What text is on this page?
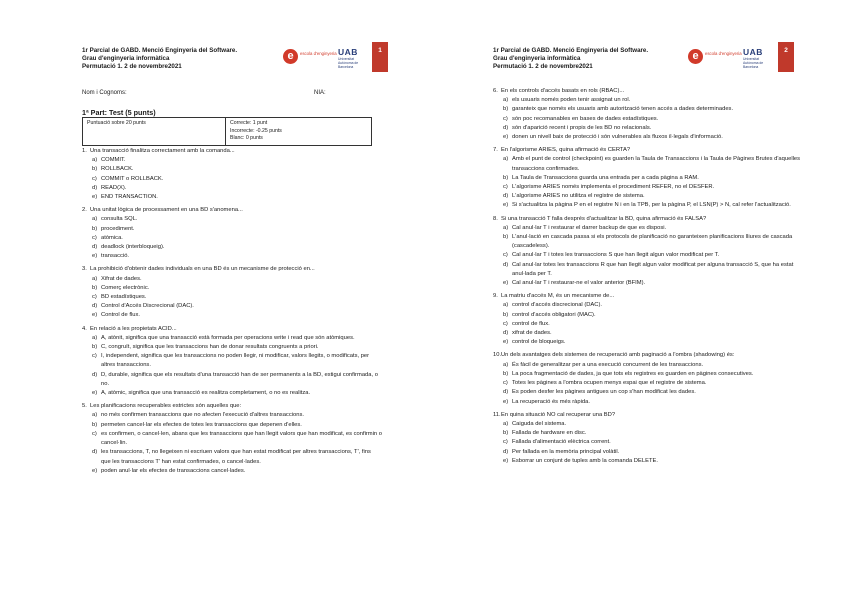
1r Parcial de GABD. Menció Enginyeria del Software.
Grau d'enginyeria informàtica
Permutació 1. 2 de novembre2021
e	escola d'enginyeria UAB
Universitat Autònoma de Barcelona
1
Nom i Cognoms:	NIA:
1ª Part: Test (5 punts)
Puntuació sobre 20 punts	Correcte: 1 punt
Incorrecte: -0.25 punts
Blanc: 0 punts
1. Una transacció finalitza correctament amb la comanda...
a) COMMIT.
b) ROLLBACK.
c) COMMIT o ROLLBACK.
d) READ(X).
e) END TRANSACTION.
2. Una unitat lògica de processament en una BD s'anomena...
a) consulta SQL.
b) procediment.
c) atòmica.
d) deadlock (interbloqueig).
e) transacció.
3. La prohibició d'obtenir dades individuals en una BD és un mecanisme de protecció en...
a) Xifrat de dades.
b) Comerç electrònic.
c) BD estadístiques.
d) Control d'Accés Discrecional (DAC).
e) Control de flux.
4. En relació a les propietats ACID...
a) A, atònit, significa que una transacció està formada per operacions write i read que són atòmiques.
b) C, congruït, significa que les transaccions han de donar resultats congruents a priori.
c) I, independent, significa que les transaccions no poden llegir, ni modificar, valors llegits, o modificats, per altres transaccions.
d) D, durable, significa que els resultats d'una transacció han de ser permanents a la BD, estigui confirmada, o no.
e) A, atòmic, significa que una transacció es realitza completament, o no es realitza.
5. Les planificacions recuperables estrictes són aquelles que:
a) no més confirmen transaccions que no afecten l'execució d'altres transaccions.
b) permeten cancel·lar els efectes de totes les transaccions que depenen d'elles.
c) es confirmen, o cancel·len, abans que les transaccions que han llegit valors que han modificat, es confirmin o cancel·lin.
d) les transaccions, T, no llegeixen ni escriuen valors que han estat modificat per altres transaccions, T', fins que les transaccions T' han estat confirmades, o cancel·lades.
e) poden anul·lar els efectes de transaccions cancel·lades.
1r Parcial de GABD. Menció Enginyeria del Software.
Grau d'enginyeria informàtica
Permutació 1. 2 de novembre2021
e	escola d'enginyeria UAB
Universitat Autònoma de Barcelona
2
6. En els controls d'accés basats en rols (RBAC)...
a) els usuaris només poden tenir assignat un rol.
b) garanteix que només els usuaris amb autorització tenen accés a dades determinades.
c) són poc recomanables en bases de dades estadístiques.
d) són d'aparició recent i propis de les BD no relacionals.
e) donen un nivell baix de protecció i són vulnerables als fluxos il·legals d'informació.
7. En l'algorisme ARIES, quina afirmació és CERTA?
a) Amb el punt de control (checkpoint) es guarden la Taula de Transaccions i la Taula de Pàgines Brutes d'aquelles transaccions confirmades.
b) La Taula de Transaccions guarda una entrada per a cada pàgina a RAM.
c) L'algorisme ARIES només implementa el procediment REFER, no el DESFER.
d) L'algorisme ARIES no utilitza el registre de sistema.
e) Si s'actualitza la pàgina P en el registre N i en la TPB, per la pàgina P, el LSN(P) > N, cal refer l'actualització.
8. Si una transacció T falla després d'actualitzar la BD, quina afirmació és FALSA?
a) Cal anul·lar T i restaurar el darrer backup de que es disposi.
b) L'anul·lació en cascada passa si els protocols de planificació no garanteixen planificacions lliures de cascada (cascadeless).
c) Cal anul·lar T i totes les transaccions S que han llegit algun valor modificat per T.
d) Cal anul·lar totes les transaccions R que han llegit algun valor modificat per alguna transacció S, que ha estat anul·lada per T.
e) Cal anul·lar T i restaurar-ne el valor anterior (BFIM).
9. La matriu d'accés M, és un mecanisme de...
a) control d'accés discrecional (DAC).
b) control d'accés obligatori (MAC).
c) control de flux.
d) xifrat de dades.
e) control de bloqueigs.
10. Un dels avantatges dels sistemes de recuperació amb paginació a l'ombra (shadowing) és:
a) És fàcil de generalitzar per a una execució concurrent de les transaccions.
b) La poca fragmentació de dades, ja que tots els registres es guarden en pàgines consecutives.
c) Totes les pàgines a l'ombra ocupen menys espai que el registre de sistema.
d) Es poden desfer les pàgines antigues un cop s'han modificat les dades.
e) La recuperació és més ràpida.
11. En quina situació NO cal recuperar una BD?
a) Caiguda del sistema.
b) Fallada de hardware en disc.
c) Fallada d'alimentació elèctrica corrent.
d) Per fallada en la memòria principal volàtil.
e) Esborrar un conjunt de tuples amb la comanda DELETE.
